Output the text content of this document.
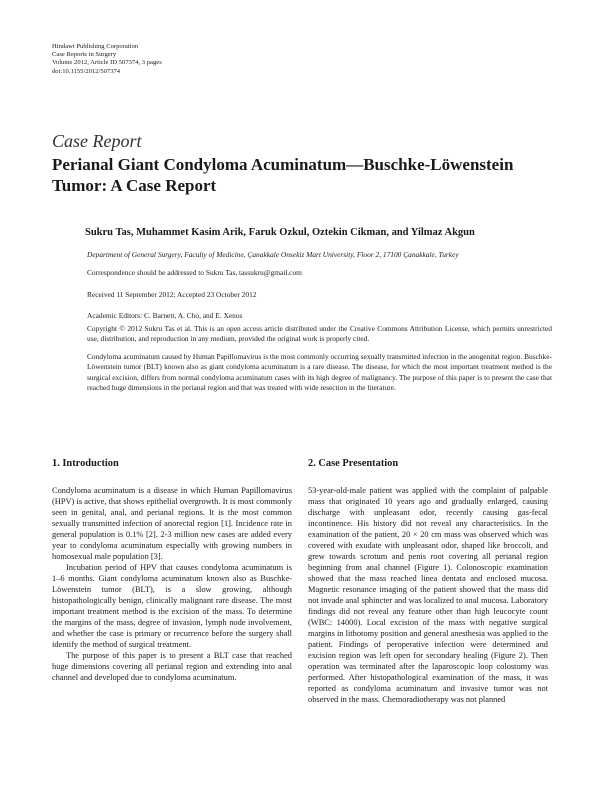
Hindawi Publishing Corporation
Case Reports in Surgery
Volume 2012, Article ID 507374, 3 pages
doi:10.1155/2012/507374
Case Report
Perianal Giant Condyloma Acuminatum—Buschke-Löwenstein Tumor: A Case Report
Sukru Tas, Muhammet Kasim Arik, Faruk Ozkul, Oztekin Cikman, and Yilmaz Akgun
Department of General Surgery, Faculty of Medicine, Çanakkale Onsekiz Mart University, Floor 2, 17100 Çanakkale, Turkey
Correspondence should be addressed to Sukru Tas, tassukru@gmail.com
Received 11 September 2012; Accepted 23 October 2012
Academic Editors: C. Barnett, A. Cho, and E. Xenos
Copyright © 2012 Sukru Tas et al. This is an open access article distributed under the Creative Commons Attribution License, which permits unrestricted use, distribution, and reproduction in any medium, provided the original work is properly cited.
Condyloma acuminatum caused by Human Papillomavirus is the most commonly occurring sexually transmitted infection in the anogenital region. Buschke-Löwenstein tumor (BLT) known also as giant condyloma acuminatum is a rare disease. The disease, for which the most important treatment method is the surgical excision, differs from normal condyloma acuminatum cases with its high degree of malignancy. The purpose of this paper is to present the case that reached huge dimensions in the perianal region and that was treated with wide resection in the literature.
1. Introduction

Condyloma acuminatum is a disease in which Human Papillomavirus (HPV) is active, that shows epithelial overgrowth. It is most commonly seen in genital, anal, and perianal regions. It is the most common sexually transmitted infection of anorectal region [1]. Incidence rate in general population is 0.1% [2]. 2-3 million new cases are added every year to condyloma acuminatum especially with growing numbers in homosexual male population [3].

Incubation period of HPV that causes condyloma acuminatum is 1–6 months. Giant condyloma acuminatum known also as Buschke-Löwenstein tumor (BLT), is a slow growing, although histopathologically benign, clinically malignant rare disease. The most important treatment method is the excision of the mass. To determine the margins of the mass, degree of invasion, lymph node involvement, and whether the case is primary or recurrence before the surgery shall identify the method of surgical treatment.

The purpose of this paper is to present a BLT case that reached huge dimensions covering all perianal region and extending into anal channel and developed due to condyloma acuminatum.

2. Case Presentation

53-year-old-male patient was applied with the complaint of palpable mass that originated 10 years ago and gradually enlarged, causing discharge with unpleasant odor, recently causing gas-fecal incontinence. His history did not reveal any characteristics. In the examination of the patient, 20 × 20 cm mass was observed which was covered with exudate with unpleasant odor, shaped like broccoli, and grew towards scrotum and penis root covering all perianal region beginning from anal channel (Figure 1). Colonoscopic examination showed that the mass reached linea dentata and enclosed mucosa. Magnetic resonance imaging of the patient showed that the mass did not invade anal sphincter and was localized to anal mucosa. Laboratory findings did not reveal any feature other than high leucocyte count (WBC: 14000). Local excision of the mass with negative surgical margins in lithotomy position and general anesthesia was applied to the patient. Findings of peroperative infection were determined and excision region was left open for secondary healing (Figure 2). Then operation was terminated after the laparoscopic loop colostomy was performed. After histopathological examination of the mass, it was reported as condyloma acuminatum and invasive tumor was not observed in the mass. Chemoradiotherapy was not planned
